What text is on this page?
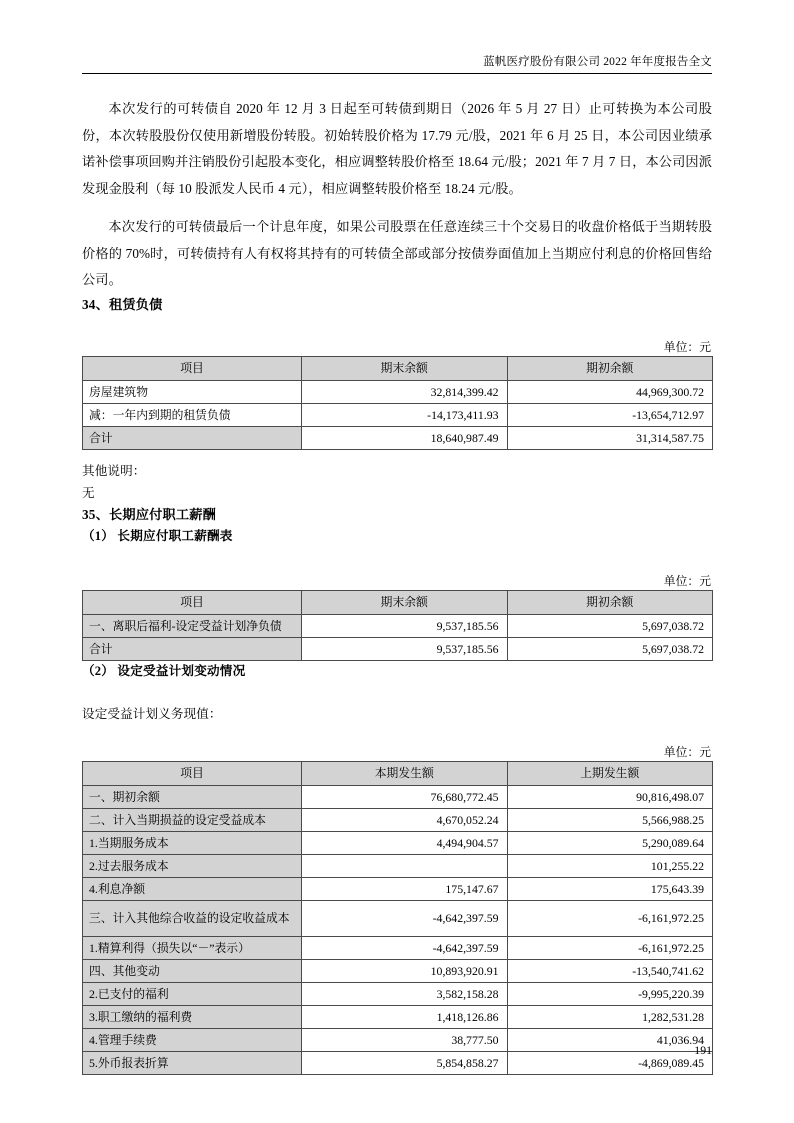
蓝帆医疗股份有限公司 2022 年年度报告全文

本次发行的可转债自 2020 年 12 月 3 日起至可转债到期日（2026 年 5 月 27 日）止可转换为本公司股份，本次转股股份仅使用新增股份转股。初始转股价格为 17.79 元/股，2021 年 6 月 25 日，本公司因业绩承诺补偿事项回购并注销股份引起股本变化，相应调整转股价格至 18.64 元/股；2021 年 7 月 7 日，本公司因派发现金股利（每 10 股派发人民币 4 元），相应调整转股价格至 18.24 元/股。

本次发行的可转债最后一个计息年度，如果公司股票在任意连续三十个交易日的收盘价格低于当期转股价格的 70%时，可转债持有人有权将其持有的可转债全部或部分按债券面值加上当期应付利息的价格回售给公司。

34、租赁负债

单位：元

项目	期末余额	期初余额
房屋建筑物	32,814,399.42	44,969,300.72
减：一年内到期的租赁负债	-14,173,411.93	-13,654,712.97
合计	18,640,987.49	31,314,587.75

其他说明：

无

35、长期应付职工薪酬
（1） 长期应付职工薪酬表

单位：元

项目	期末余额	期初余额
一、离职后福利-设定受益计划净负债	9,537,185.56	5,697,038.72
合计	9,537,185.56	5,697,038.72
（2） 设定受益计划变动情况

设定受益计划义务现值：

单位：元

项目	本期发生额	上期发生额
一、期初余额	76,680,772.45	90,816,498.07
二、计入当期损益的设定受益成本	4,670,052.24	5,566,988.25
1.当期服务成本	4,494,904.57	5,290,089.64
2.过去服务成本		101,255.22
4.利息净额	175,147.67	175,643.39
三、计入其他综合收益的设定收益成本	-4,642,397.59	-6,161,972.25
1.精算利得（损失以“－”表示）	-4,642,397.59	-6,161,972.25
四、其他变动	10,893,920.91	-13,540,741.62
2.已支付的福利	3,582,158.28	-9,995,220.39
3.职工缴纳的福利费	1,418,126.86	1,282,531.28
4.管理手续费	38,777.50	41,036.94
5.外币报表折算	5,854,858.27	-4,869,089.45
191
